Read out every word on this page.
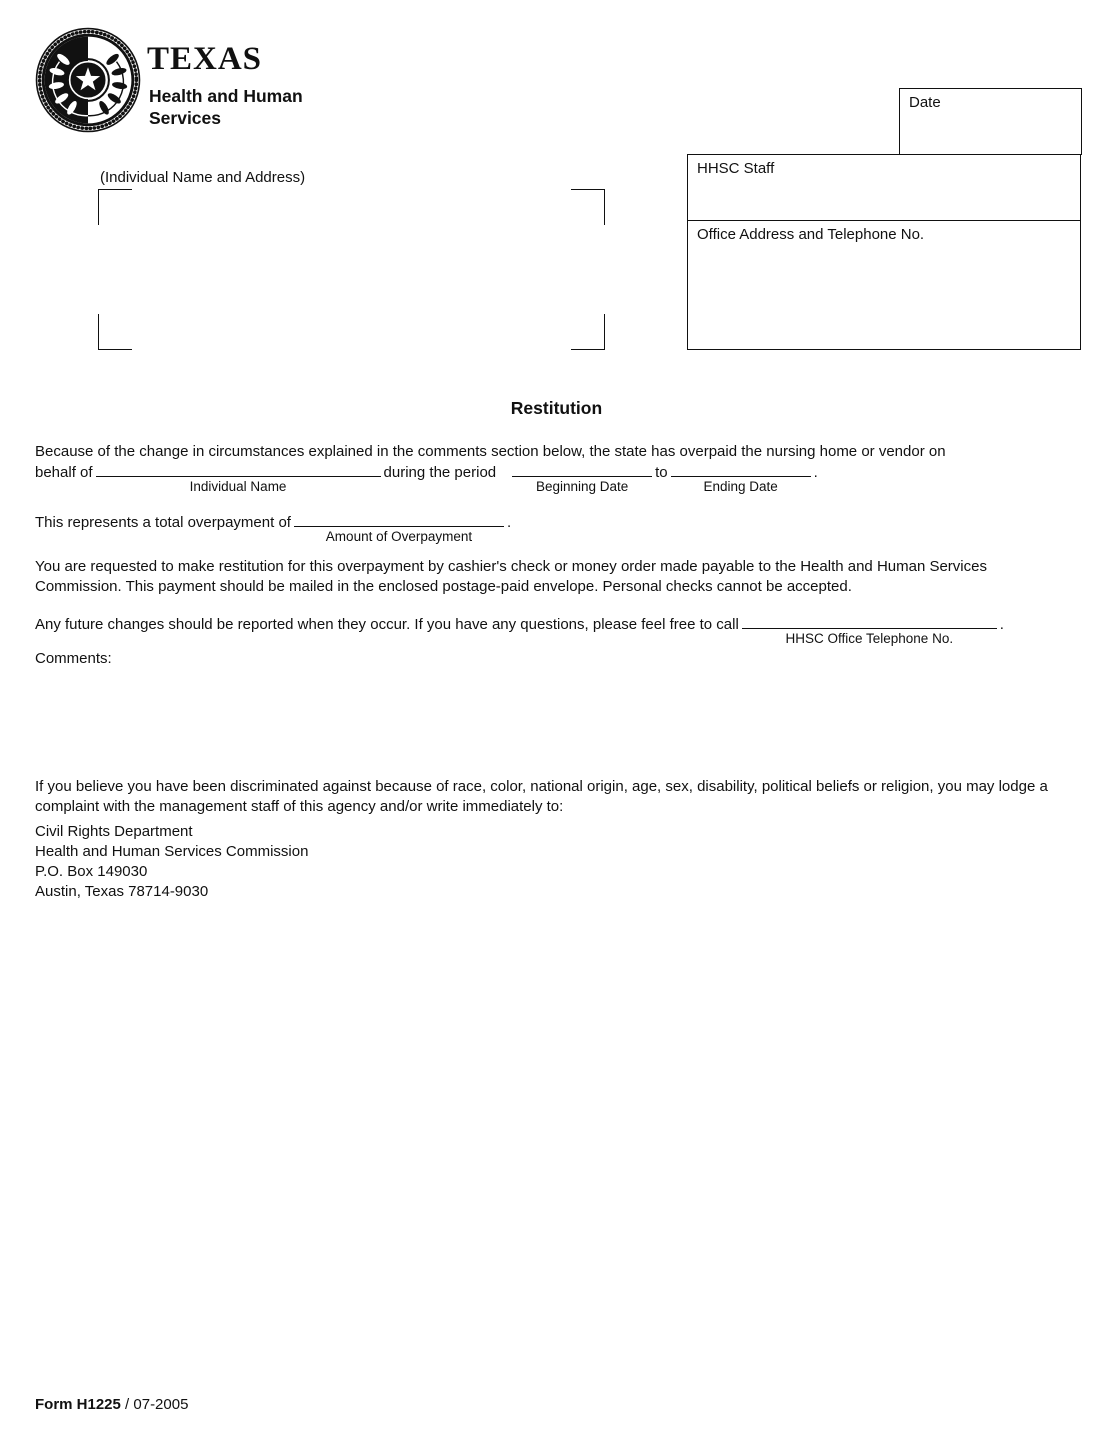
TEXAS
Health and Human
Services
Date
HHSC Staff
Office Address and Telephone No.
(Individual Name and Address)
Restitution
Because of the change in circumstances explained in the comments section below, the state has overpaid the nursing home or vendor on
behalf of
Individual Name
during the period
Beginning Date
to
Ending Date
.
This represents a total overpayment of
Amount of Overpayment
.
You are requested to make restitution for this overpayment by cashier's check or money order made payable to the Health and Human Services Commission. This payment should be mailed in the enclosed postage-paid envelope. Personal checks cannot be accepted.
Any future changes should be reported when they occur. If you have any questions, please feel free to call
HHSC Office Telephone No.
.
Comments:
If you believe you have been discriminated against because of race, color, national origin, age, sex, disability, political beliefs or religion, you may lodge a complaint with the management staff of this agency and/or write immediately to:
Civil Rights Department
Health and Human Services Commission
P.O. Box 149030
Austin, Texas 78714-9030
Form H1225 / 07-2005
